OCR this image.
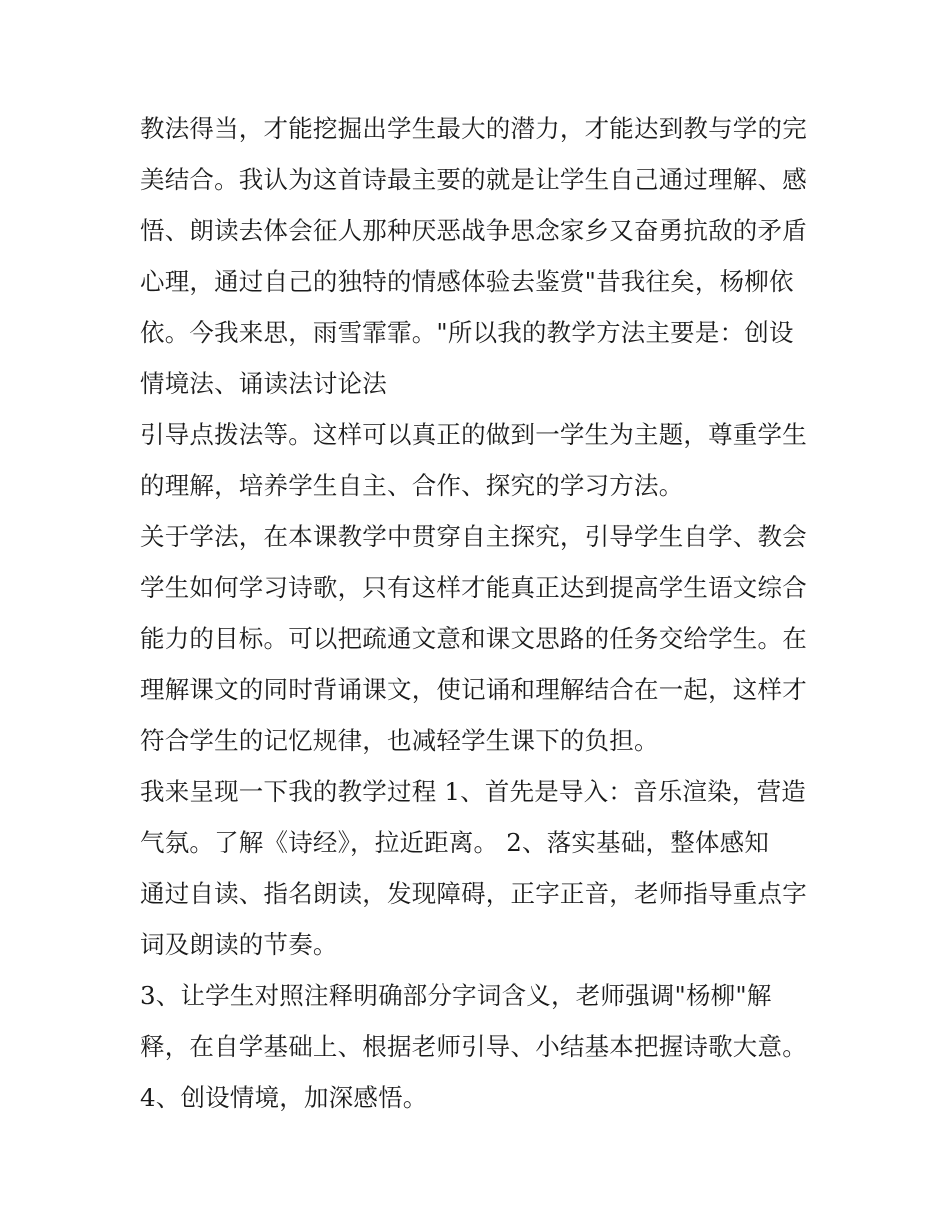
教法得当，才能挖掘出学生最大的潜力，才能达到教与学的完
美结合。我认为这首诗最主要的就是让学生自己通过理解、感
悟、朗读去体会征人那种厌恶战争思念家乡又奋勇抗敌的矛盾
心理，通过自己的独特的情感体验去鉴赏"昔我往矣，杨柳依
依。今我来思，雨雪霏霏。"所以我的教学方法主要是：创设
情境法、诵读法讨论法
引导点拨法等。这样可以真正的做到一学生为主题，尊重学生
的理解，培养学生自主、合作、探究的学习方法。
关于学法，在本课教学中贯穿自主探究，引导学生自学、教会
学生如何学习诗歌，只有这样才能真正达到提高学生语文综合
能力的目标。可以把疏通文意和课文思路的任务交给学生。在
理解课文的同时背诵课文，使记诵和理解结合在一起，这样才
符合学生的记忆规律，也减轻学生课下的负担。
我来呈现一下我的教学过程 1、首先是导入：音乐渲染，营造
气氛。了解《诗经》，拉近距离。 2、落实基础，整体感知
通过自读、指名朗读，发现障碍，正字正音，老师指导重点字
词及朗读的节奏。
3、让学生对照注释明确部分字词含义，老师强调"杨柳"解
释，在自学基础上、根据老师引导、小结基本把握诗歌大意。
4、创设情境，加深感悟。
